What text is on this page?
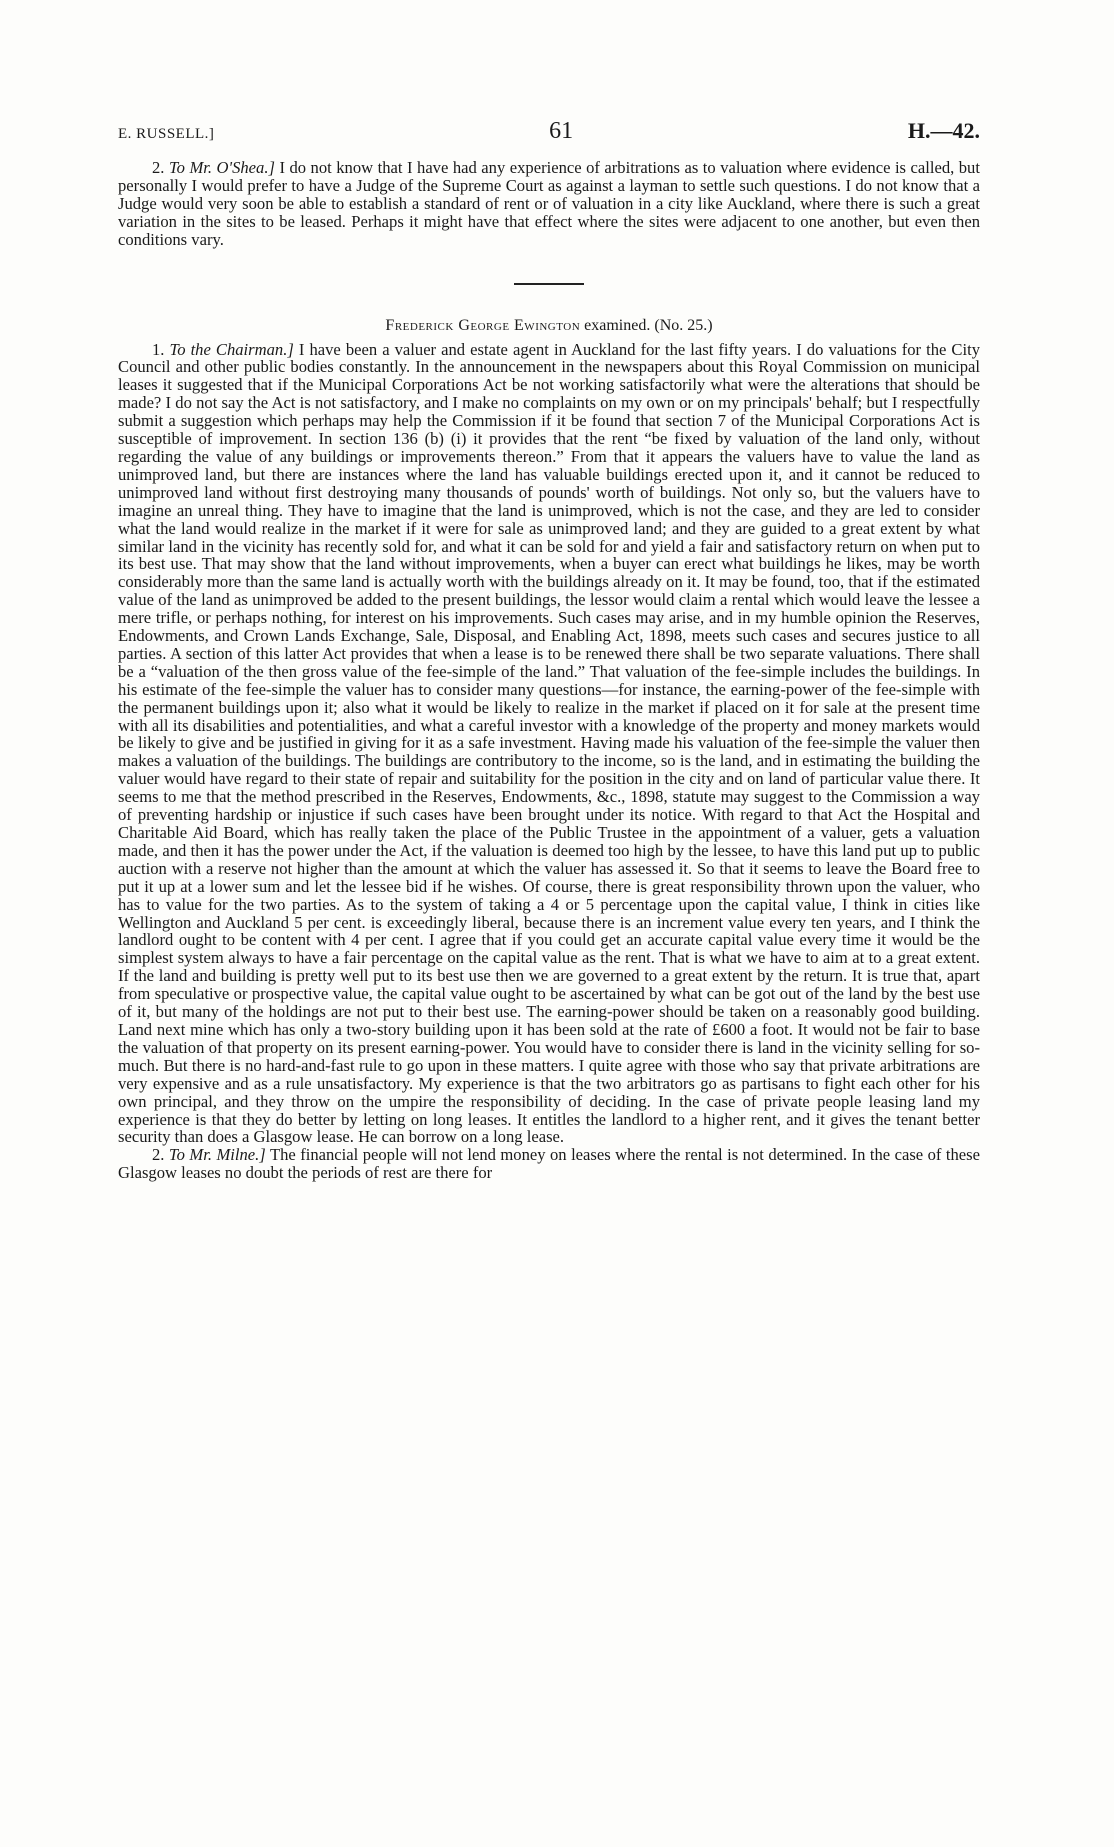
E. RUSSELL.]	61	H.—42.

2. To Mr. O'Shea.] I do not know that I have had any experience of arbitrations as to valuation where evidence is called, but personally I would prefer to have a Judge of the Supreme Court as against a layman to settle such questions. I do not know that a Judge would very soon be able to establish a standard of rent or of valuation in a city like Auckland, where there is such a great variation in the sites to be leased. Perhaps it might have that effect where the sites were adjacent to one another, but even then conditions vary.

Frederick George Ewington examined. (No. 25.)

1. To the Chairman.] I have been a valuer and estate agent in Auckland for the last fifty years. I do valuations for the City Council and other public bodies constantly. In the announcement in the newspapers about this Royal Commission on municipal leases it suggested that if the Municipal Corporations Act be not working satisfactorily what were the alterations that should be made? I do not say the Act is not satisfactory, and I make no complaints on my own or on my principals' behalf; but I respectfully submit a suggestion which perhaps may help the Commission if it be found that section 7 of the Municipal Corporations Act is susceptible of improvement. In section 136 (b) (i) it provides that the rent “be fixed by valuation of the land only, without regarding the value of any buildings or improvements thereon.” From that it appears the valuers have to value the land as unimproved land, but there are instances where the land has valuable buildings erected upon it, and it cannot be reduced to unimproved land without first destroying many thousands of pounds' worth of buildings. Not only so, but the valuers have to imagine an unreal thing. They have to imagine that the land is unimproved, which is not the case, and they are led to consider what the land would realize in the market if it were for sale as unimproved land; and they are guided to a great extent by what similar land in the vicinity has recently sold for, and what it can be sold for and yield a fair and satisfactory return on when put to its best use. That may show that the land without improvements, when a buyer can erect what buildings he likes, may be worth considerably more than the same land is actually worth with the buildings already on it. It may be found, too, that if the estimated value of the land as unimproved be added to the present buildings, the lessor would claim a rental which would leave the lessee a mere trifle, or perhaps nothing, for interest on his improvements. Such cases may arise, and in my humble opinion the Reserves, Endowments, and Crown Lands Exchange, Sale, Disposal, and Enabling Act, 1898, meets such cases and secures justice to all parties. A section of this latter Act provides that when a lease is to be renewed there shall be two separate valuations. There shall be a “valuation of the then gross value of the fee-simple of the land.” That valuation of the fee-simple includes the buildings. In his estimate of the fee-simple the valuer has to consider many questions—for instance, the earning-power of the fee-simple with the permanent buildings upon it; also what it would be likely to realize in the market if placed on it for sale at the present time with all its disabilities and potentialities, and what a careful investor with a knowledge of the property and money markets would be likely to give and be justified in giving for it as a safe investment. Having made his valuation of the fee-simple the valuer then makes a valuation of the buildings. The buildings are contributory to the income, so is the land, and in estimating the building the valuer would have regard to their state of repair and suitability for the position in the city and on land of particular value there. It seems to me that the method prescribed in the Reserves, Endowments, &c., 1898, statute may suggest to the Commission a way of preventing hardship or injustice if such cases have been brought under its notice. With regard to that Act the Hospital and Charitable Aid Board, which has really taken the place of the Public Trustee in the appointment of a valuer, gets a valuation made, and then it has the power under the Act, if the valuation is deemed too high by the lessee, to have this land put up to public auction with a reserve not higher than the amount at which the valuer has assessed it. So that it seems to leave the Board free to put it up at a lower sum and let the lessee bid if he wishes. Of course, there is great responsibility thrown upon the valuer, who has to value for the two parties. As to the system of taking a 4 or 5 percentage upon the capital value, I think in cities like Wellington and Auckland 5 per cent. is exceedingly liberal, because there is an increment value every ten years, and I think the landlord ought to be content with 4 per cent. I agree that if you could get an accurate capital value every time it would be the simplest system always to have a fair percentage on the capital value as the rent. That is what we have to aim at to a great extent. If the land and building is pretty well put to its best use then we are governed to a great extent by the return. It is true that, apart from speculative or prospective value, the capital value ought to be ascertained by what can be got out of the land by the best use of it, but many of the holdings are not put to their best use. The earning-power should be taken on a reasonably good building. Land next mine which has only a two-story building upon it has been sold at the rate of £600 a foot. It would not be fair to base the valuation of that property on its present earning-power. You would have to consider there is land in the vicinity selling for so-much. But there is no hard-and-fast rule to go upon in these matters. I quite agree with those who say that private arbitrations are very expensive and as a rule unsatisfactory. My experience is that the two arbitrators go as partisans to fight each other for his own principal, and they throw on the umpire the responsibility of deciding. In the case of private people leasing land my experience is that they do better by letting on long leases. It entitles the landlord to a higher rent, and it gives the tenant better security than does a Glasgow lease. He can borrow on a long lease.

2. To Mr. Milne.] The financial people will not lend money on leases where the rental is not determined. In the case of these Glasgow leases no doubt the periods of rest are there for
